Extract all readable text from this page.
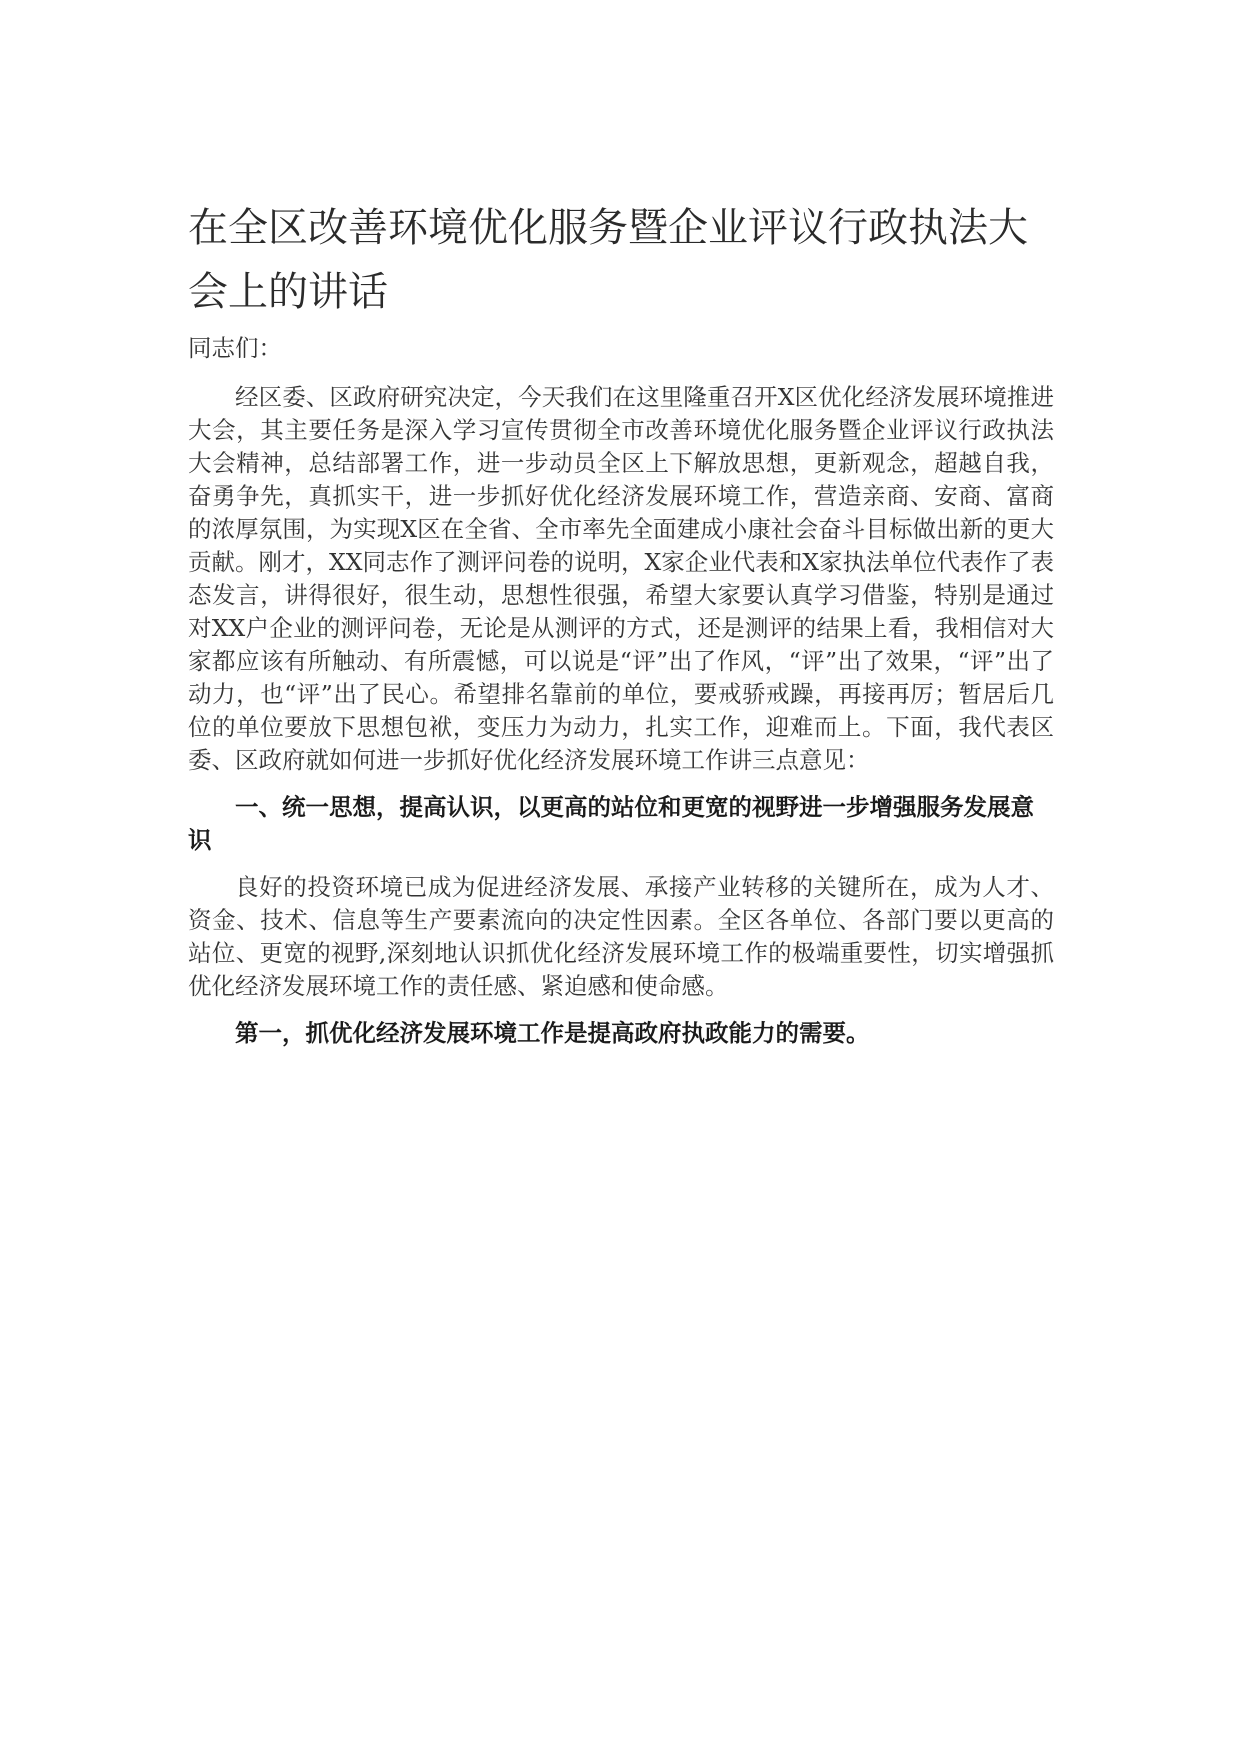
在全区改善环境优化服务暨企业评议行政执法大会上的讲话

同志们：

经区委、区政府研究决定，今天我们在这里隆重召开X区优化经济发展环境推进大会，其主要任务是深入学习宣传贯彻全市改善环境优化服务暨企业评议行政执法大会精神，总结部署工作，进一步动员全区上下解放思想，更新观念，超越自我，奋勇争先，真抓实干，进一步抓好优化经济发展环境工作，营造亲商、安商、富商的浓厚氛围，为实现X区在全省、全市率先全面建成小康社会奋斗目标做出新的更大贡献。刚才，XX同志作了测评问卷的说明，X家企业代表和X家执法单位代表作了表态发言，讲得很好，很生动，思想性很强，希望大家要认真学习借鉴，特别是通过对XX户企业的测评问卷，无论是从测评的方式，还是测评的结果上看，我相信对大家都应该有所触动、有所震憾，可以说是“评”出了作风，“评”出了效果，“评”出了动力，也“评”出了民心。希望排名靠前的单位，要戒骄戒躁，再接再厉；暂居后几位的单位要放下思想包袱，变压力为动力，扎实工作，迎难而上。下面，我代表区委、区政府就如何进一步抓好优化经济发展环境工作讲三点意见：

一、统一思想，提高认识，以更高的站位和更宽的视野进一步增强服务发展意识

良好的投资环境已成为促进经济发展、承接产业转移的关键所在，成为人才、资金、技术、信息等生产要素流向的决定性因素。全区各单位、各部门要以更高的站位、更宽的视野,深刻地认识抓优化经济发展环境工作的极端重要性，切实增强抓优化经济发展环境工作的责任感、紧迫感和使命感。

第一，抓优化经济发展环境工作是提高政府执政能力的需要。
